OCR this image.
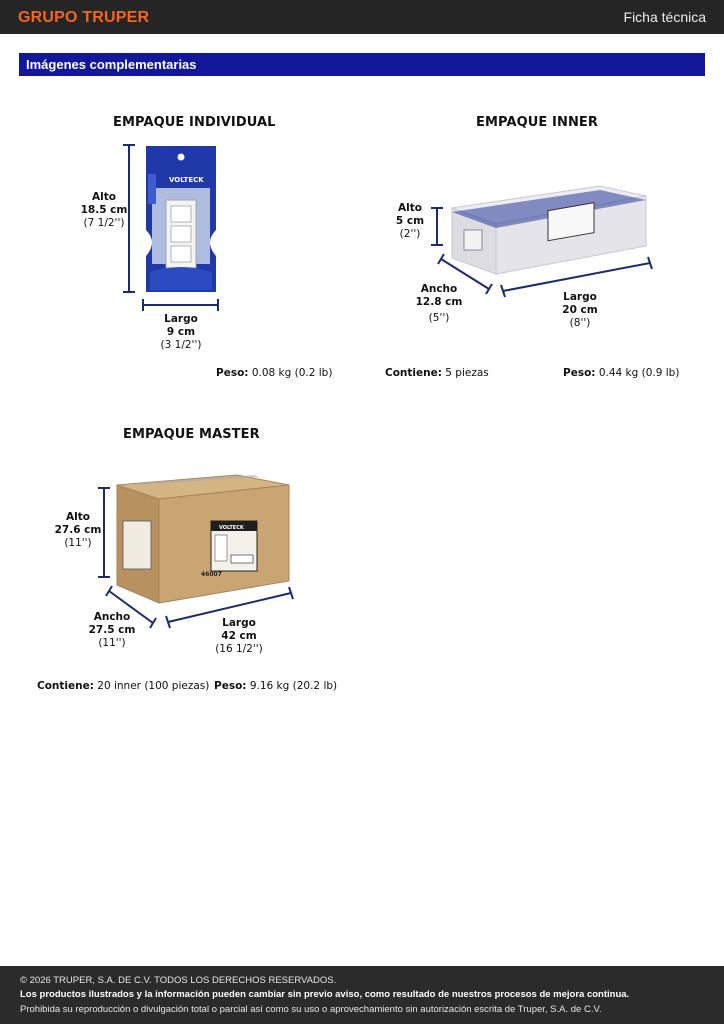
GRUPO TRUPER	Ficha técnica
Imágenes complementarias
EMPAQUE INDIVIDUAL
Alto
18.5 cm
(7 1/2'')
VOLTECK
Largo
9 cm
(3 1/2'')
Peso: 0.08 kg (0.2 lb)
EMPAQUE INNER
Alto
5 cm
(2'')
Ancho
12.8 cm
(5'')
Largo
20 cm
(8'')
Contiene: 5 piezas	Peso: 0.44 kg (0.9 lb)
EMPAQUE MASTER
Alto
27.6 cm
(11'')
VOLTECK
46007
Ancho
27.5 cm
(11'')
Largo
42 cm
(16 1/2'')
Contiene: 20 inner (100 piezas) Peso: 9.16 kg (20.2 lb)
© 2026 TRUPER, S.A. DE C.V. TODOS LOS DERECHOS RESERVADOS.
Los productos ilustrados y la información pueden cambiar sin previo aviso, como resultado de nuestros procesos de mejora continua.
Prohibida su reproducción o divulgación total o parcial así como su uso o aprovechamiento sin autorización escrita de Truper, S.A. de C.V.
